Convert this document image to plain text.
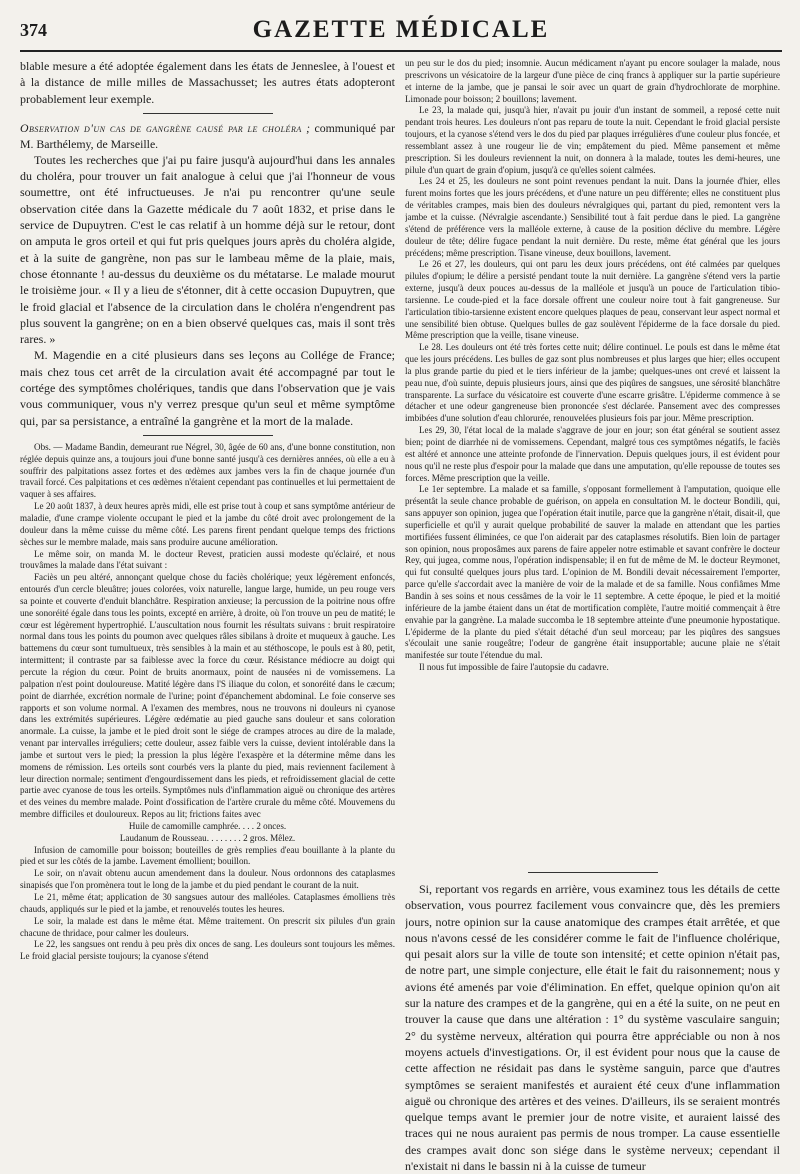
374	GAZETTE MÉDICALE

blable mesure a été adoptée également dans les états de Jenneslee, à l'ouest et à la distance de mille milles de Massachusset; les autres états adopteront probablement leur exemple.

Observation d'un cas de gangrène causé par le choléra ; communiqué par M. Barthélemy, de Marseille.

Toutes les recherches que j'ai pu faire jusqu'à aujourd'hui dans les annales du choléra, pour trouver un fait analogue à celui que j'ai l'honneur de vous soumettre, ont été infructueuses. Je n'ai pu rencontrer qu'une seule observation citée dans la Gazette médicale du 7 août 1832, et prise dans le service de Dupuytren. C'est le cas relatif à un homme déjà sur le retour, dont on amputa le gros orteil et qui fut pris quelques jours après du choléra algide, et à la suite de gangrène, non pas sur le lambeau même de la plaie, mais, chose étonnante ! au-dessus du deuxième os du métatarse. Le malade mourut le troisième jour. « Il y a lieu de s'étonner, dit à cette occasion Dupuytren, que le froid glacial et l'absence de la circulation dans le choléra n'engendrent pas plus souvent la gangrène; on en a bien observé quelques cas, mais il sont très rares. »

M. Magendie en a cité plusieurs dans ses leçons au Collége de France; mais chez tous cet arrêt de la circulation avait été accompagné par tout le cortége des symptômes cholériques, tandis que dans l'observation que je vais vous communiquer, vous n'y verrez presque qu'un seul et même symptôme qui, par sa persistance, a entraîné la gangrène et la mort de la malade.

Obs. — Madame Bandin, demeurant rue Négrel, 30, âgée de 60 ans, d'une bonne constitution, non réglée depuis quinze ans, a toujours joui d'une bonne santé jusqu'à ces dernières années, où elle a eu à souffrir des palpitations assez fortes et des œdèmes aux jambes vers la fin de chaque journée d'un travail forcé. Ces palpitations et ces œdèmes n'étaient cependant pas continuelles et lui permettaient de vaquer à ses affaires.

Le 20 août 1837, à deux heures après midi, elle est prise tout à coup et sans symptôme antérieur de maladie, d'une crampe violente occupant le pied et la jambe du côté droit avec prolongement de la douleur dans la même cuisse du même côté. Les parens firent pendant quelque temps des frictions sèches sur le membre malade, mais sans produire aucune amélioration.

Le même soir, on manda M. le docteur Revest, praticien aussi modeste qu'éclairé, et nous trouvâmes la malade dans l'état suivant :

Faciès un peu altéré, annonçant quelque chose du faciès cholérique; yeux légèrement enfoncés, entourés d'un cercle bleuâtre; joues colorées, voix naturelle, langue large, humide, un peu rouge vers sa pointe et couverte d'enduit blanchâtre. Respiration anxieuse; la percussion de la poitrine nous offre une sonoréité égale dans tous les points, excepté en arrière, à droite, où l'on trouve un peu de matité; le cœur est légèrement hypertrophié. L'auscultation nous fournit les résultats suivans : bruit respiratoire normal dans tous les points du poumon avec quelques râles sibilans à droite et muqueux à gauche. Les battemens du cœur sont tumultueux, très sensibles à la main et au stéthoscope, le pouls est à 80, petit, intermittent; il contraste par sa faiblesse avec la force du cœur. Résistance médiocre au doigt qui percute la région du cœur. Point de bruits anormaux, point de nausées ni de vomissemens. La palpation n'est point douloureuse. Matité légère dans l'S iliaque du colon, et sonoréité dans le cæcum; point de diarrhée, excrétion normale de l'urine; point d'épanchement abdominal. Le foie conserve ses rapports et son volume normal. A l'examen des membres, nous ne trouvons ni douleurs ni cyanose dans les extrémités supérieures. Légère œdématie au pied gauche sans douleur et sans coloration anormale. La cuisse, la jambe et le pied droit sont le siége de crampes atroces au dire de la malade, venant par intervalles irréguliers; cette douleur, assez faible vers la cuisse, devient intolérable dans la jambe et surtout vers le pied; la pression la plus légère l'exaspère et la détermine même dans les momens de rémission. Les orteils sont courbés vers la plante du pied, mais reviennent facilement à leur direction normale; sentiment d'engourdissement dans les pieds, et refroidissement glacial de cette partie avec cyanose de tous les orteils. Symptômes nuls d'inflammation aiguë ou chronique des artères et des veines du membre malade. Point d'ossification de l'artère crurale du même côté. Mouvemens du membre difficiles et douloureux. Repos au lit; frictions faites avec

Huile de camomille camphrée. . . . 2 onces.

Laudanum de Rousseau. . . . . . . . 2 gros. Mêlez.

Infusion de camomille pour boisson; bouteilles de grès remplies d'eau bouillante à la plante du pied et sur les côtés de la jambe. Lavement émollient; bouillon.

Le soir, on n'avait obtenu aucun amendement dans la douleur. Nous ordonnons des cataplasmes sinapisés que l'on promènera tout le long de la jambe et du pied pendant le courant de la nuit.

Le 21, même état; application de 30 sangsues autour des malléoles. Cataplasmes émolliens très chauds, appliqués sur le pied et la jambe, et renouvelés toutes les heures.

Le soir, la malade est dans le même état. Même traitement. On prescrit six pilules d'un grain chacune de thridace, pour calmer les douleurs.

Le 22, les sangsues ont rendu à peu près dix onces de sang. Les douleurs sont toujours les mêmes. Le froid glacial persiste toujours; la cyanose s'étend

un peu sur le dos du pied; insomnie. Aucun médicament n'ayant pu encore soulager la malade, nous prescrivons un vésicatoire de la largeur d'une pièce de cinq francs à appliquer sur la partie supérieure et interne de la jambe, que je pansai le soir avec un quart de grain d'hydrochlorate de morphine. Limonade pour boisson; 2 bouillons; lavement.

Le 23, la malade qui, jusqu'à hier, n'avait pu jouir d'un instant de sommeil, a reposé cette nuit pendant trois heures. Les douleurs n'ont pas reparu de toute la nuit. Cependant le froid glacial persiste toujours, et la cyanose s'étend vers le dos du pied par plaques irrégulières d'une couleur plus foncée, et ressemblant assez à une rougeur lie de vin; empâtement du pied. Même pansement et même prescription. Si les douleurs reviennent la nuit, on donnera à la malade, toutes les demi-heures, une pilule d'un quart de grain d'opium, jusqu'à ce qu'elles soient calmées.

Les 24 et 25, les douleurs ne sont point revenues pendant la nuit. Dans la journée d'hier, elles furent moins fortes que les jours précédens, et d'une nature un peu différente; elles ne constituent plus de véritables crampes, mais bien des douleurs névralgiques qui, partant du pied, remontent vers la jambe et la cuisse. (Névralgie ascendante.) Sensibilité tout à fait perdue dans le pied. La gangrène s'étend de préférence vers la malléole externe, à cause de la position déclive du membre. Légère douleur de tête; délire fugace pendant la nuit dernière. Du reste, même état général que les jours précédens; même prescription. Tisane vineuse, deux bouillons, lavement.

Le 26 et 27, les douleurs, qui ont paru les deux jours précédens, ont été calmées par quelques pilules d'opium; le délire a persisté pendant toute la nuit dernière. La gangrène s'étend vers la partie externe, jusqu'à deux pouces au-dessus de la malléole et jusqu'à un pouce de l'articulation tibio-tarsienne. Le coude-pied et la face dorsale offrent une couleur noire tout à fait gangreneuse. Sur l'articulation tibio-tarsienne existent encore quelques plaques de peau, conservant leur aspect normal et une sensibilité bien obtuse. Quelques bulles de gaz soulèvent l'épiderme de la face dorsale du pied. Même prescription que la veille, tisane vineuse.

Le 28. Les douleurs ont été très fortes cette nuit; délire continuel. Le pouls est dans le même état que les jours précédens. Les bulles de gaz sont plus nombreuses et plus larges que hier; elles occupent la plus grande partie du pied et le tiers inférieur de la jambe; quelques-unes ont crevé et laissent la peau nue, d'où suinte, depuis plusieurs jours, ainsi que des piqûres de sangsues, une sérosité blanchâtre transparente. La surface du vésicatoire est couverte d'une escarre grisâtre. L'épiderme commence à se détacher et une odeur gangreneuse bien prononcée s'est déclarée. Pansement avec des compresses imbibées d'une solution d'eau chlorurée, renouvelées plusieurs fois par jour. Même prescription.

Les 29, 30, l'état local de la malade s'aggrave de jour en jour; son état général se soutient assez bien; point de diarrhée ni de vomissemens. Cependant, malgré tous ces symptômes négatifs, le faciès est altéré et annonce une atteinte profonde de l'innervation. Depuis quelques jours, il est évident pour nous qu'il ne reste plus d'espoir pour la malade que dans une amputation, qu'elle repousse de toutes ses forces. Même prescription que la veille.

Le 1er septembre. La malade et sa famille, s'opposant formellement à l'amputation, quoique elle présentât la seule chance probable de guérison, on appela en consultation M. le docteur Bondili, qui, sans appuyer son opinion, jugea que l'opération était inutile, parce que la gangrène n'était, disait-il, que superficielle et qu'il y aurait quelque probabilité de sauver la malade en attendant que les parties mortifiées fussent éliminées, ce que l'on aiderait par des cataplasmes résolutifs. Bien loin de partager son opinion, nous proposâmes aux parens de faire appeler notre estimable et savant confrère le docteur Rey, qui jugea, comme nous, l'opération indispensable; il en fut de même de M. le docteur Reymonet, qui fut consulté quelques jours plus tard. L'opinion de M. Bondili devait nécessairement l'emporter, parce qu'elle s'accordait avec la manière de voir de la malade et de sa famille. Nous confiâmes Mme Bandin à ses soins et nous cessâmes de la voir le 11 septembre. A cette époque, le pied et la moitié inférieure de la jambe étaient dans un état de mortification complète, l'autre moitié commençait à être envahie par la gangrène. La malade succomba le 18 septembre atteinte d'une pneumonie hypostatique. L'épiderme de la plante du pied s'était détaché d'un seul morceau; par les piqûres des sangsues s'écoulait une sanie rougeâtre; l'odeur de gangrène était insupportable; aucune plaie ne s'était manifestée sur toute l'étendue du mal.

Il nous fut impossible de faire l'autopsie du cadavre.

Si, reportant vos regards en arrière, vous examinez tous les détails de cette observation, vous pourrez facilement vous convaincre que, dès les premiers jours, notre opinion sur la cause anatomique des crampes était arrêtée, et que nous n'avons cessé de les considérer comme le fait de l'influence cholérique, qui pesait alors sur la ville de toute son intensité; et cette opinion n'était pas, de notre part, une simple conjecture, elle était le fait du raisonnement; nous y avions été amenés par voie d'élimination. En effet, quelque opinion qu'on ait sur la nature des crampes et de la gangrène, qui en a été la suite, on ne peut en trouver la cause que dans une altération : 1° du système vasculaire sanguin; 2° du système nerveux, altération qui pourra être appréciable ou non à nos moyens actuels d'investigations. Or, il est évident pour nous que la cause de cette affection ne résidait pas dans le système sanguin, parce que d'autres symptômes se seraient manifestés et auraient été ceux d'une inflammation aiguë ou chronique des artères et des veines. D'ailleurs, ils se seraient montrés quelque temps avant le premier jour de notre visite, et auraient laissé des traces qui ne nous auraient pas permis de nous tromper. La cause essentielle des crampes avait donc son siége dans le système nerveux; cependant il n'existait ni dans le bassin ni à la cuisse de tumeur
